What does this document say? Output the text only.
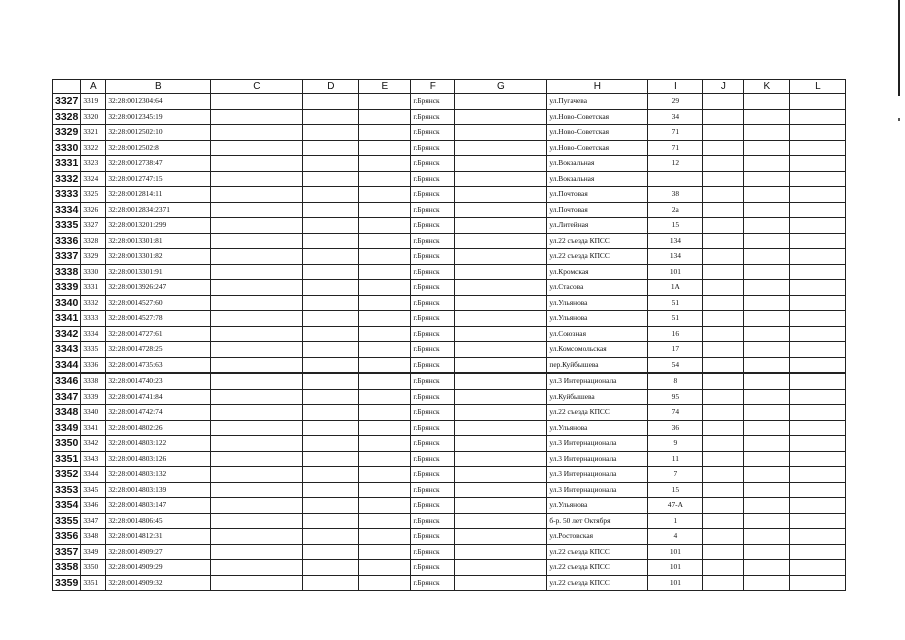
	A	B	C	D	E	F	G	H	I	J	K	L
3327	3319	32:28:0012304:64				г.Брянск		ул.Пугачева	29			
3328	3320	32:28:0012345:19				г.Брянск		ул.Ново-Советская	34			
3329	3321	32:28:0012502:10				г.Брянск		ул.Ново-Советская	71			
3330	3322	32:28:0012502:8				г.Брянск		ул.Ново-Советская	71			
3331	3323	32:28:0012738:47				г.Брянск		ул.Вокзальная	12			
3332	3324	32:28:0012747:15				г.Брянск		ул.Вокзальная				
3333	3325	32:28:0012814:11				г.Брянск		ул.Почтовая	38			
3334	3326	32:28:0012834:2371				г.Брянск		ул.Почтовая	2а			
3335	3327	32:28:0013201:299				г.Брянск		ул.Литейная	15			
3336	3328	32:28:0013301:81				г.Брянск		ул.22 съезда КПСС	134			
3337	3329	32:28:0013301:82				г.Брянск		ул.22 съезда КПСС	134			
3338	3330	32:28:0013301:91				г.Брянск		ул.Кромская	101			
3339	3331	32:28:0013926:247				г.Брянск		ул.Стасова	1А			
3340	3332	32:28:0014527:60				г.Брянск		ул.Ульянова	51			
3341	3333	32:28:0014527:78				г.Брянск		ул.Ульянова	51			
3342	3334	32:28:0014727:61				г.Брянск		ул.Союзная	16			
3343	3335	32:28:0014728:25				г.Брянск		ул.Комсомольская	17			
3344	3336	32:28:0014735:63				г.Брянск		пер.Куйбышева	54			
3346	3338	32:28:0014740:23				г.Брянск		ул.3 Интернационала	8			
3347	3339	32:28:0014741:84				г.Брянск		ул.Куйбышева	95			
3348	3340	32:28:0014742:74				г.Брянск		ул.22 съезда КПСС	74			
3349	3341	32:28:0014802:26				г.Брянск		ул.Ульянова	36			
3350	3342	32:28:0014803:122				г.Брянск		ул.3 Интернационала	9			
3351	3343	32:28:0014803:126				г.Брянск		ул.3 Интернационала	11			
3352	3344	32:28:0014803:132				г.Брянск		ул.3 Интернационала	7			
3353	3345	32:28:0014803:139				г.Брянск		ул.3 Интернационала	15			
3354	3346	32:28:0014803:147				г.Брянск		ул.Ульянова	47-А			
3355	3347	32:28:0014806:45				г.Брянск		б-р. 50 лет Октября	1			
3356	3348	32:28:0014812:31				г.Брянск		ул.Ростовская	4			
3357	3349	32:28:0014909:27				г.Брянск		ул.22 съезда КПСС	101			
3358	3350	32:28:0014909:29				г.Брянск		ул.22 съезда КПСС	101			
3359	3351	32:28:0014909:32				г.Брянск		ул.22 съезда КПСС	101			
